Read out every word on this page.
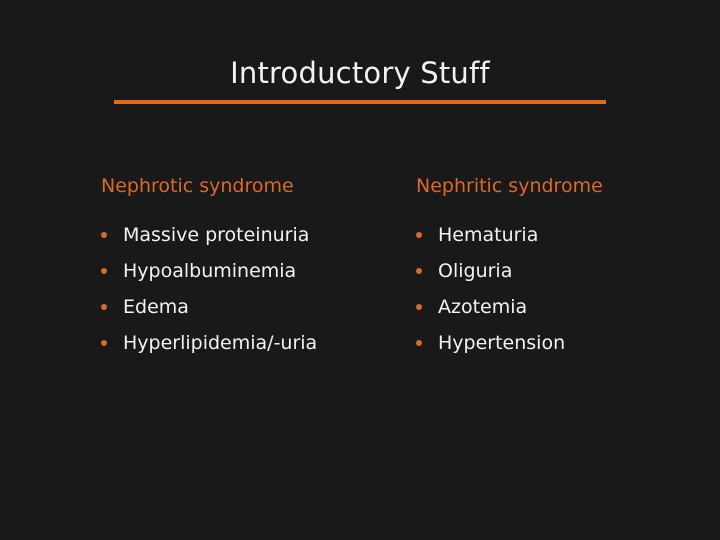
Introductory Stuff
Nephrotic syndrome
Massive proteinuria
Hypoalbuminemia
Edema
Hyperlipidemia/-uria
Nephritic syndrome
Hematuria
Oliguria
Azotemia
Hypertension
